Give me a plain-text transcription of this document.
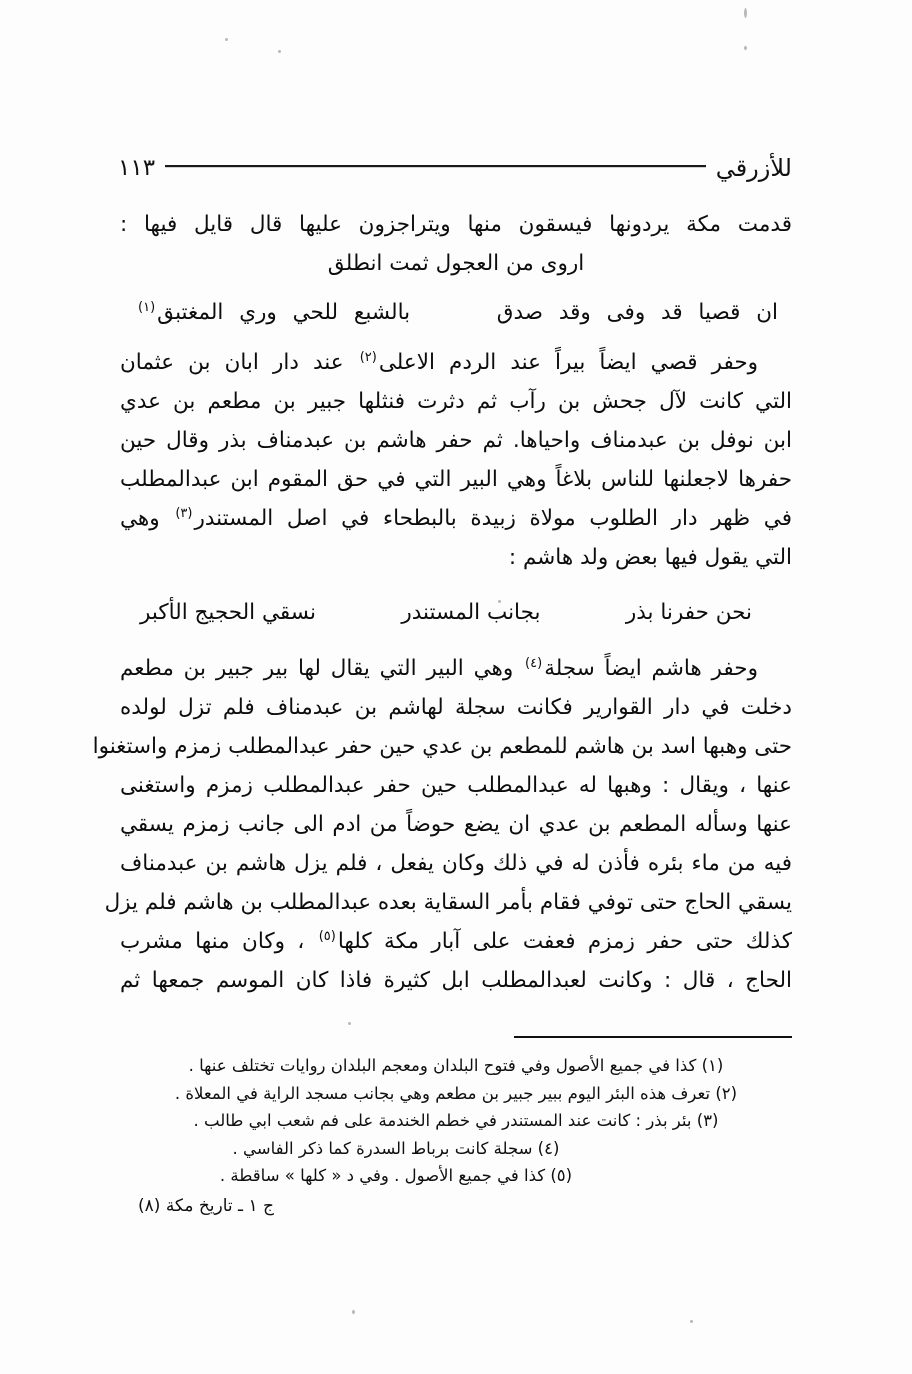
للأزرقي
١١٣
قدمت مكة يردونها فيسقون منها ويتراجزون عليها قال قايل فيها :
اروى من العجول ثمت انطلق
ان قصيا قد وفى وقد صدق
بالشبع للحي وري المغتبق$^{(١)}$
وحفر قصي ايضاً بيراً عند الردم الاعلى$^{(٢)}$ عند دار ابان بن عثمان
التي كانت لآل جحش بن رآب ثم دثرت فنثلها جبير بن مطعم بن عدي
ابن نوفل بن عبدمناف واحياها. ثم حفر هاشم بن عبدمناف بذر وقال حين
حفرها لاجعلنها للناس بلاغاً وهي البير التي في حق المقوم ابن عبدالمطلب
في ظهر دار الطلوب مولاة زبيدة بالبطحاء في اصل المستندر$^{(٣)}$ وهي
التي يقول فيها بعض ولد هاشم :
نحن حفرنا بذر
بجانب المستندر
نسقي الحجيج الأكبر
وحفر هاشم ايضاً سجلة$^{(٤)}$ وهي البير التي يقال لها بير جبير بن مطعم
دخلت في دار القوارير فكانت سجلة لهاشم بن عبدمناف فلم تزل لولده
حتى وهبها اسد بن هاشم للمطعم بن عدي حين حفر عبدالمطلب زمزم واستغنوا
عنها ، ويقال : وهبها له عبدالمطلب حين حفر عبدالمطلب زمزم واستغنى
عنها وسأله المطعم بن عدي ان يضع حوضاً من ادم الى جانب زمزم يسقي
فيه من ماء بئره فأذن له في ذلك وكان يفعل ، فلم يزل هاشم بن عبدمناف
يسقي الحاج حتى توفي فقام بأمر السقاية بعده عبدالمطلب بن هاشم فلم يزل
كذلك حتى حفر زمزم فعفت على آبار مكة كلها$^{(٥)}$ ، وكان منها مشرب
الحاج ، قال : وكانت لعبدالمطلب ابل كثيرة فاذا كان الموسم جمعها ثم
(١) كذا في جميع الأصول وفي فتوح البلدان ومعجم البلدان روايات تختلف عنها .
(٢) تعرف هذه البئر اليوم ببير جبير بن مطعم وهي بجانب مسجد الراية في المعلاة .
(٣) بئر بذر : كانت عند المستندر في خطم الخندمة على فم شعب ابي طالب .
(٤) سجلة كانت برباط السدرة كما ذكر الفاسي .
(٥) كذا في جميع الأصول . وفي د « كلها » ساقطة .
ج ١ ـ تاريخ مكة (٨)
